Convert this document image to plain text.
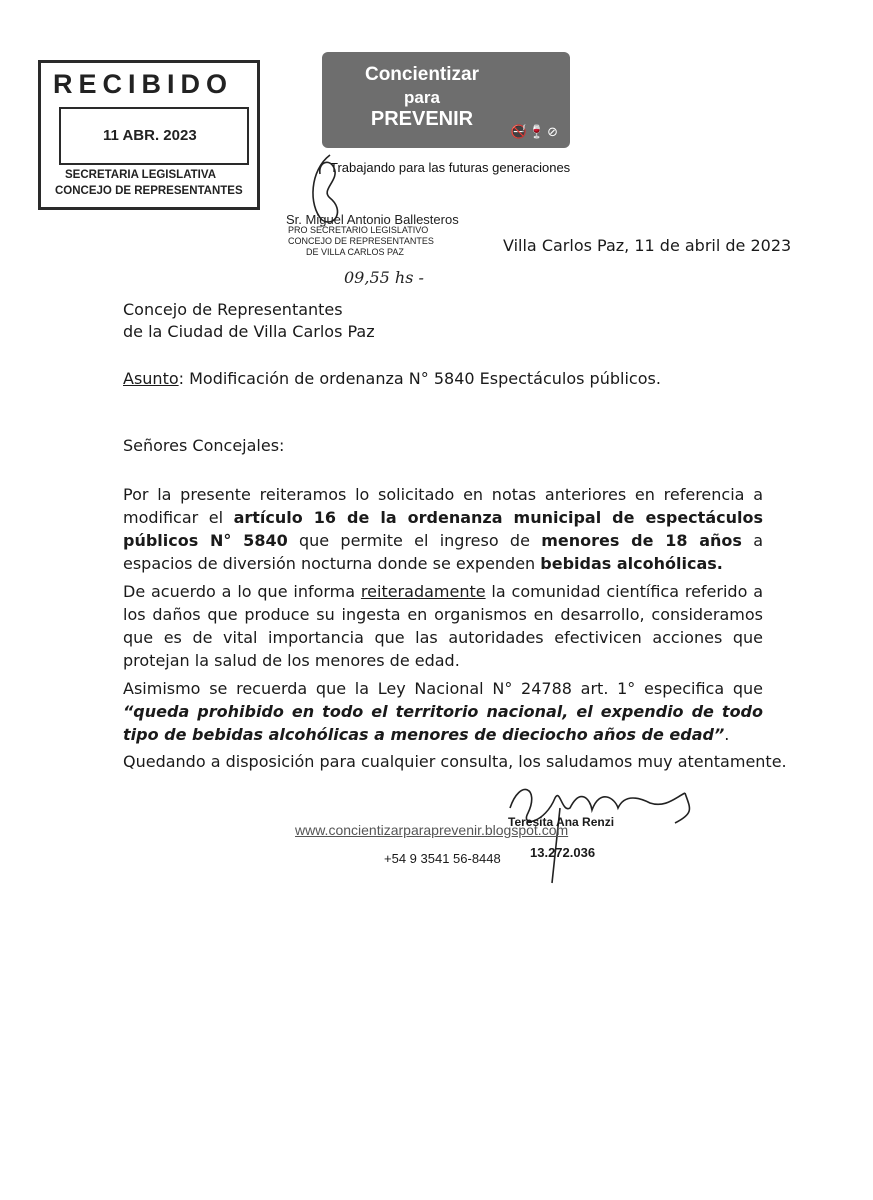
RECIBIDO
11 ABR. 2023
SECRETARIA LEGISLATIVA
CONCEJO DE REPRESENTANTES
Concientizar
para
PREVENIR
🚭🍷⊘
Trabajando para las futuras generaciones
Sr. Miguel Antonio Ballesteros
PRO SECRETARIO LEGISLATIVO
CONCEJO DE REPRESENTANTES
DE VILLA CARLOS PAZ
09,55 hs -
Villa Carlos Paz, 11 de abril de 2023
Concejo de Representantes
de la Ciudad de Villa Carlos Paz
Asunto: Modificación de ordenanza N° 5840 Espectáculos públicos.
Señores Concejales:

Por la presente reiteramos lo solicitado en notas anteriores en referencia a modificar el artículo 16 de la ordenanza municipal de espectáculos públicos N° 5840 que permite el ingreso de menores de 18 años a espacios de diversión nocturna donde se expenden bebidas alcohólicas.

De acuerdo a lo que informa reiteradamente la comunidad científica referido a los daños que produce su ingesta en organismos en desarrollo, consideramos que es de vital importancia que las autoridades efectivicen acciones que protejan la salud de los menores de edad.

Asimismo se recuerda que la Ley Nacional N° 24788 art. 1° especifica que “queda prohibido en todo el territorio nacional, el expendio de todo tipo de bebidas alcohólicas a menores de dieciocho años de edad”.

Quedando a disposición para cualquier consulta, los saludamos muy atentamente.
www.concientizarparaprevenir.blogspot.com
Teresita Ana Renzi
13.272.036
+54 9 3541 56-8448
